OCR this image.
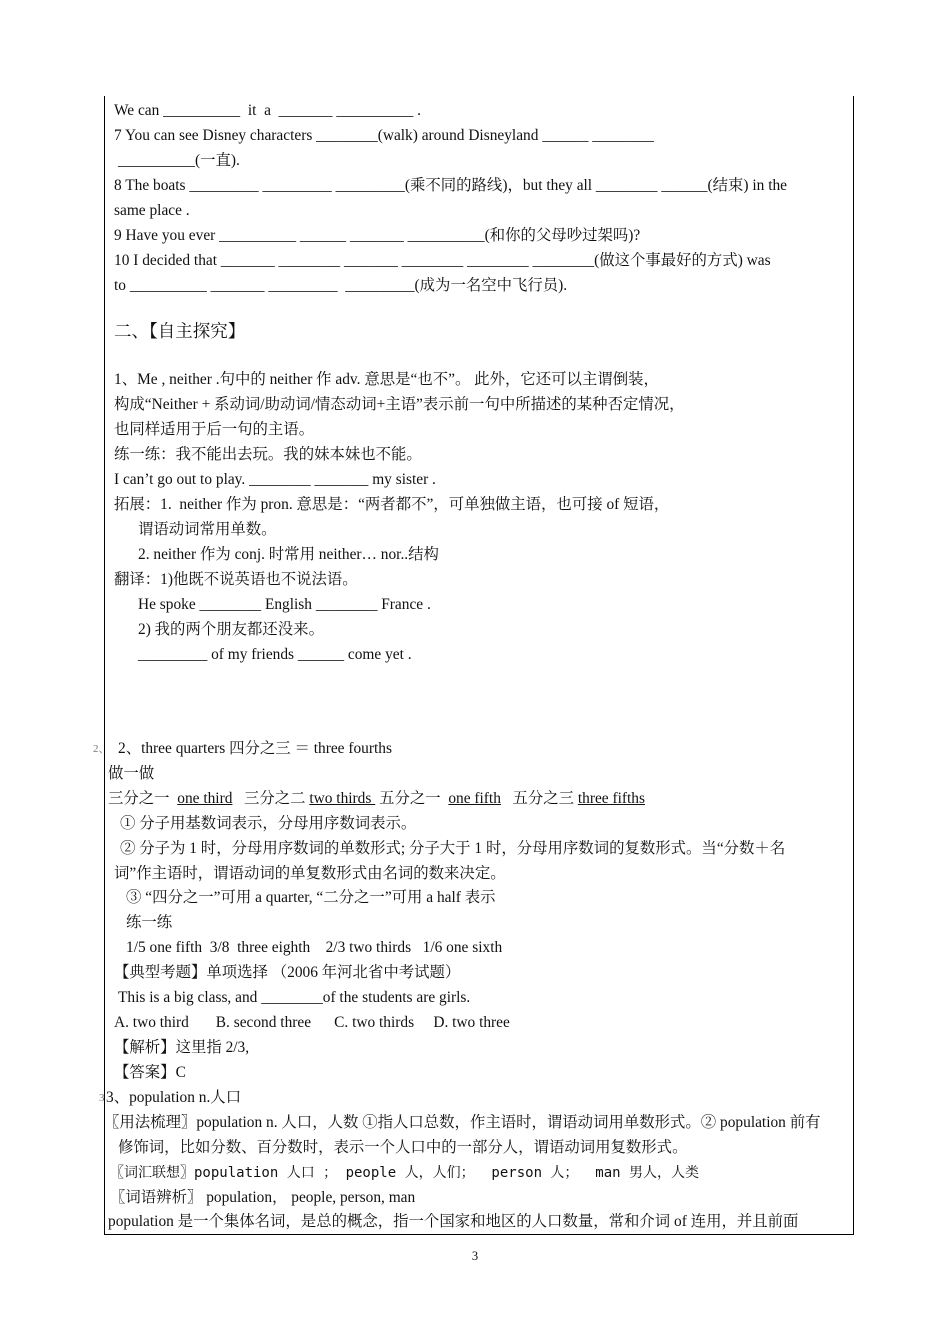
We can __________  it  a  _______ __________ .
7 You can see Disney characters ________(walk) around Disneyland ______ ________
__________(一直).
8 The boats _________ _________ _________(乘不同的路线)，but they all ________ ______(结束) in the
same place .
9 Have you ever __________ ______ _______ __________(和你的父母吵过架吗)?
10 I decided that _______ ________ _______ ________ ________ ________(做这个事最好的方式) was
to __________ _______ _________  _________(成为一名空中飞行员).
二、【自主探究】
1、Me , neither .句中的 neither 作 adv. 意思是“也不”。 此外，它还可以主谓倒装，
构成“Neither + 系动词/助动词/情态动词+主语”表示前一句中所描述的某种否定情况，
也同样适用于后一句的主语。
练一练：我不能出去玩。我的妹本妹也不能。
I can’t go out to play. ________ _______ my sister .
拓展：1.  neither 作为 pron. 意思是：“两者都不”，可单独做主语，也可接 of 短语，
谓语动词常用单数。
2. neither 作为 conj. 时常用 neither… nor..结构
翻译：1)他既不说英语也不说法语。
He spoke ________ English ________ France .
2) 我的两个朋友都还没来。
_________ of my friends ______ come yet .
2、 2、three quarters 四分之三 ＝ three fourths
做一做
三分之一  one third   三分之二 two thirds  五分之一  one fifth   五分之三 three fifths
① 分子用基数词表示，分母用序数词表示。
② 分子为 1 时，分母用序数词的单数形式; 分子大于 1 时，分母用序数词的复数形式。当“分数＋名
词”作主语时，谓语动词的单复数形式由名词的数来决定。
③ “四分之一”可用 a quarter, “二分之一”可用 a half 表示
练一练
1/5 one fifth  3/8  three eighth    2/3 two thirds   1/6 one sixth
【典型考题】单项选择 （2006 年河北省中考试题）
This is a big class, and ________of the students are girls.
A. two third       B. second three      C. two thirds     D. two three
【解析】这里指 2/3,
【答案】C
3 3、population n.人口
〖用法梳理〗population n. 人口，人数 ①指人口总数，作主语时，谓语动词用单数形式。② population 前有
修饰词，比如分数、百分数时，表示一个人口中的一部分人，谓语动词用复数形式。
〖词汇联想〗population 人口 ； people 人，人们；  person 人；  man 男人，人类
〖词语辨析〗 population， people, person, man
population 是一个集体名词，是总的概念，指一个国家和地区的人口数量，常和介词 of 连用，并且前面
3
